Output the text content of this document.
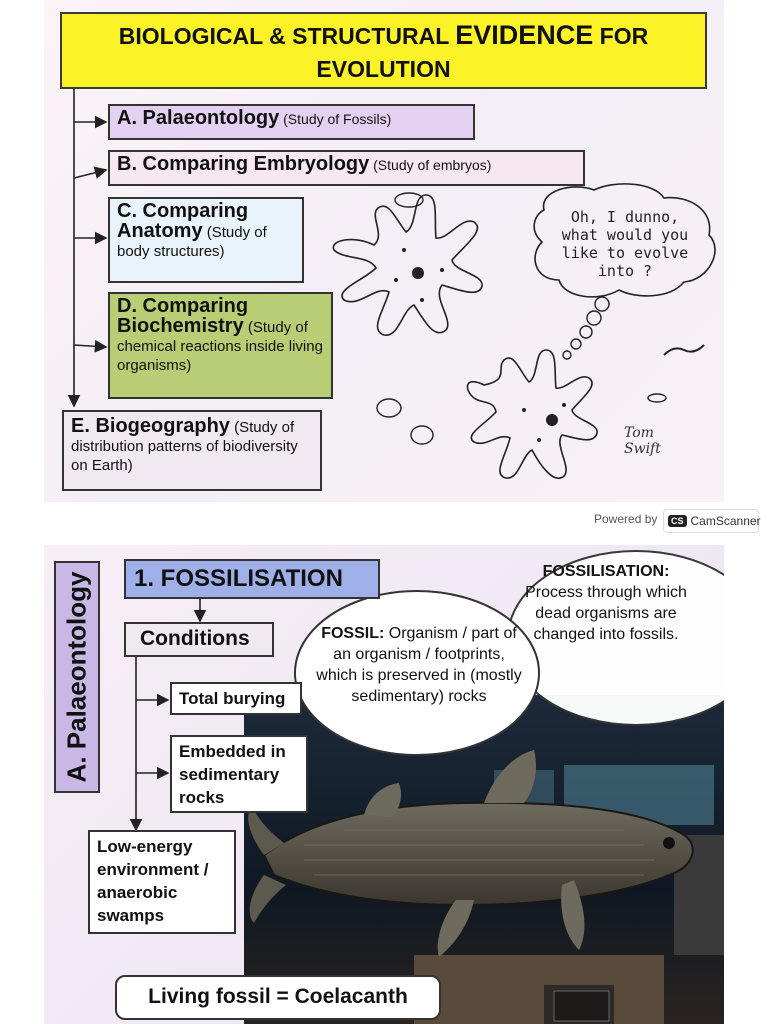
BIOLOGICAL & STRUCTURAL EVIDENCE FOR
EVOLUTION
A. Palaeontology (Study of Fossils)
B. Comparing Embryology (Study of embryos)
C. Comparing Anatomy (Study of body structures)
D. Comparing Biochemistry (Study of chemical reactions inside living organisms)
E. Biogeography (Study of distribution patterns of biodiversity on Earth)
Oh, I dunno,
what would you
like to evolve
into ?
Tom
Swift
Powered by	CS CamScanner
A. Palaeontology	1. FOSSILISATION
Conditions
Total burying
Embedded in sedimentary rocks
Low-energy environment / anaerobic swamps
FOSSIL: Organism / part of an organism / footprints, which is preserved in (mostly sedimentary) rocks
FOSSILISATION:
Process through which dead organisms are changed into fossils.
Living fossil = Coelacanth
